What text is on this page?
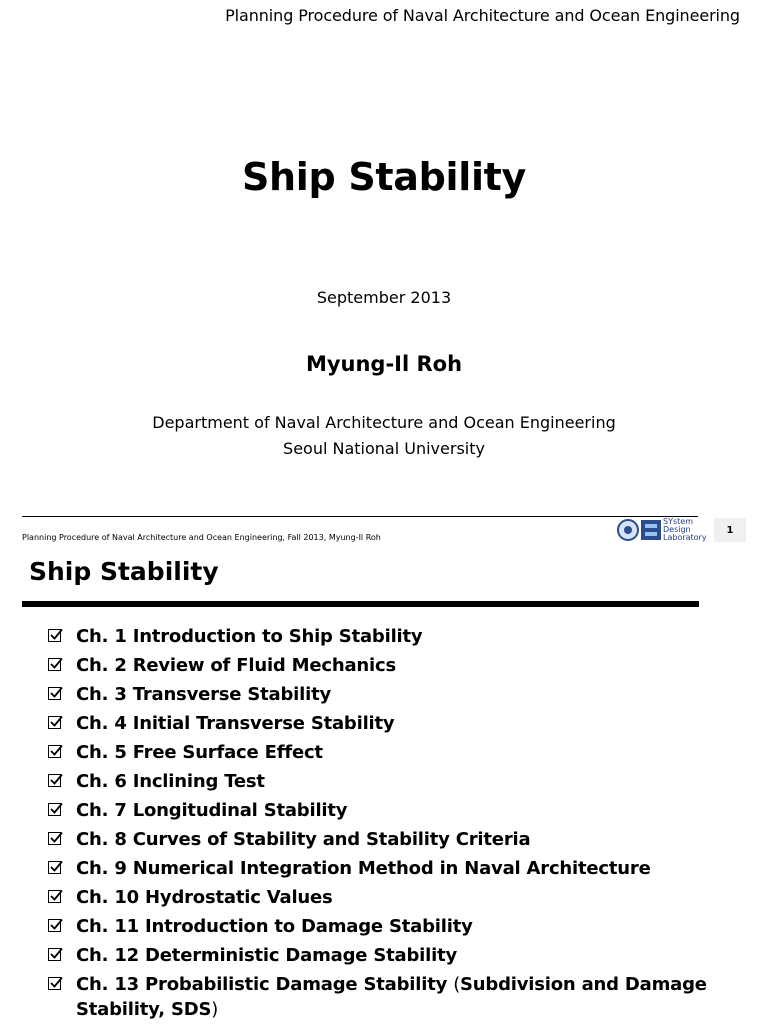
Planning Procedure of Naval Architecture and Ocean Engineering
Ship Stability
September 2013
Myung-Il Roh
Department of Naval Architecture and Ocean Engineering
Seoul National University
Planning Procedure of Naval Architecture and Ocean Engineering, Fall 2013, Myung-Il Roh
SYstem
Design
Laboratory
1
Ship Stability
Ch. 1 Introduction to Ship Stability
Ch. 2 Review of Fluid Mechanics
Ch. 3 Transverse Stability
Ch. 4 Initial Transverse Stability
Ch. 5 Free Surface Effect
Ch. 6 Inclining Test
Ch. 7 Longitudinal Stability
Ch. 8 Curves of Stability and Stability Criteria
Ch. 9 Numerical Integration Method in Naval Architecture
Ch. 10 Hydrostatic Values
Ch. 11 Introduction to Damage Stability
Ch. 12 Deterministic Damage Stability
Ch. 13 Probabilistic Damage Stability (Subdivision and Damage
Stability, SDS)
